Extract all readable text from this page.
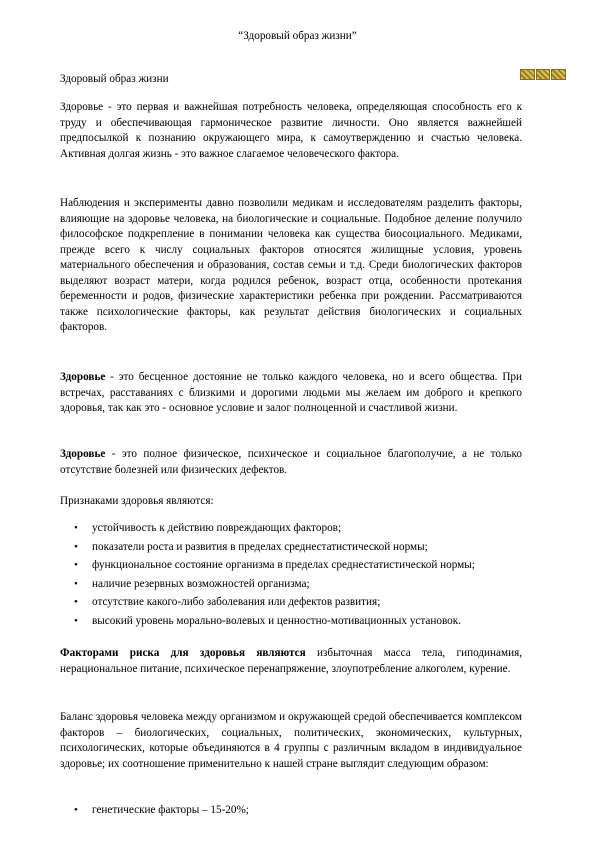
“Здоровый образ жизни”
Здоровый образ жизни

Здоровье - это первая и важнейшая потребность человека, определяющая способность его к труду и обеспечивающая гармоническое развитие личности. Оно является важнейшей предпосылкой к познанию окружающего мира, к самоутверждению и счастью человека. Активная долгая жизнь - это важное слагаемое человеческого фактора.

Наблюдения и эксперименты давно позволили медикам и исследователям разделить факторы, влияющие на здоровье человека, на биологические и социальные. Подобное деление получило философское подкрепление в понимании человека как существа биосоциального. Медиками, прежде всего к числу социальных факторов относятся жилищные условия, уровень материального обеспечения и образования, состав семьи и т.д. Среди биологических факторов выделяют возраст матери, когда родился ребенок, возраст отца, особенности протекания беременности и родов, физические характеристики ребенка при рождении. Рассматриваются также психологические факторы, как результат действия биологических и социальных факторов.

Здоровье - это бесценное достояние не только каждого человека, но и всего общества. При встречах, расставаниях с близкими и дорогими людьми мы желаем им доброго и крепкого здоровья, так как это - основное условие и залог полноценной и счастливой жизни.

Здоровье - это полное физическое, психическое и социальное благополучие, а не только отсутствие болезней или физических дефектов.

Признаками здоровья являются:

• устойчивость к действию повреждающих факторов;
• показатели роста и развития в пределах среднестатистической нормы;
• функциональное состояние организма в пределах среднестатистической нормы;
• наличие резервных возможностей организма;
• отсутствие какого-либо заболевания или дефектов развития;
• высокий уровень морально-волевых и ценностно-мотивационных установок.

Факторами риска для здоровья являются избыточная масса тела, гиподинамия, нерациональное питание, психическое перенапряжение, злоупотребление алкоголем, курение.

Баланс здоровья человека между организмом и окружающей средой обеспечивается комплексом факторов – биологических, социальных, политических, экономических, культурных, психологических, которые объединяются в 4 группы с различным вкладом в индивидуальное здоровье; их соотношение применительно к нашей стране выглядит следующим образом:

• генетические факторы – 15-20%;
